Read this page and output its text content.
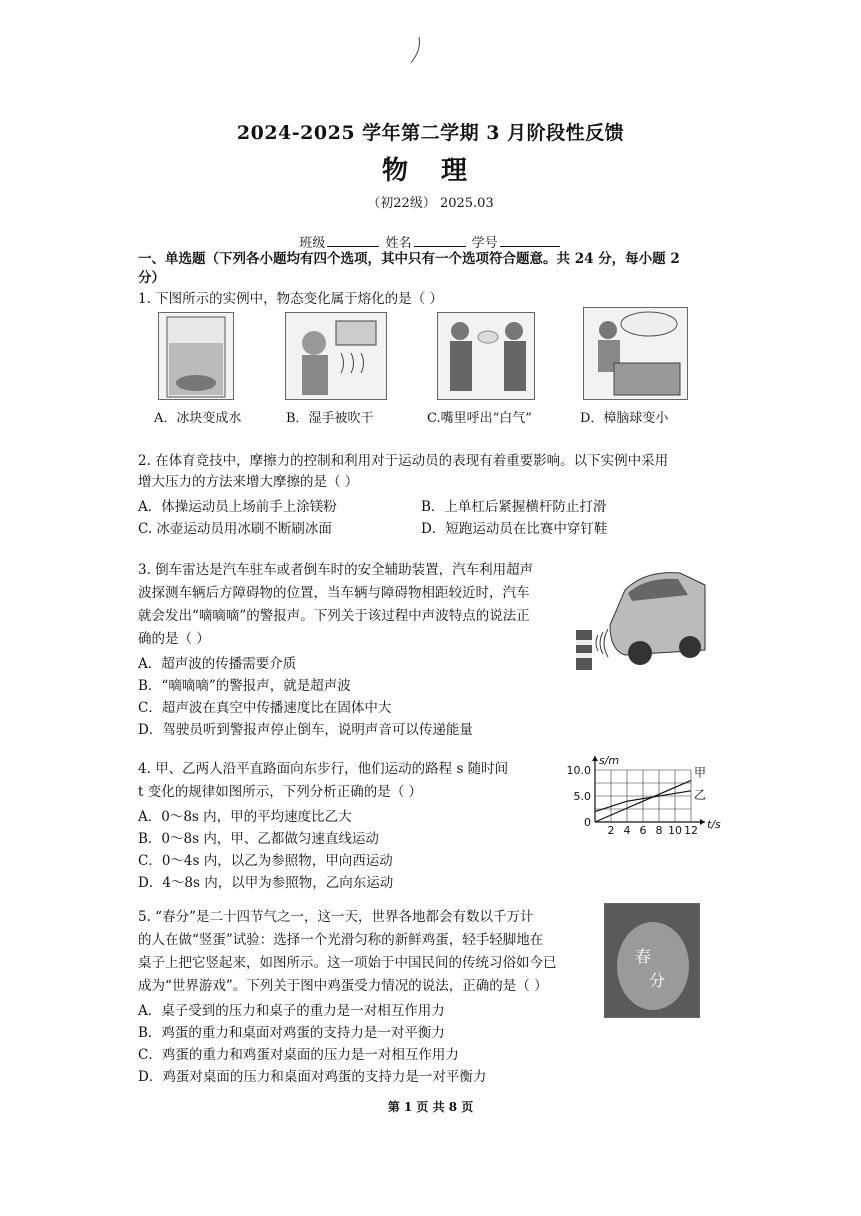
2024-2025 学年第二学期 3 月阶段性反馈
物 理
（初22级） 2025.03
班级	姓名	学号
一、单选题（下列各小题均有四个选项，其中只有一个选项符合题意。共 24 分，每小题 2
分）
1. 下图所示的实例中，物态变化属于熔化的是（ ）
A．冰块变成水	B．湿手被吹干	C.嘴里呼出“白气”	D．樟脑球变小
2. 在体育竞技中，摩擦力的控制和利用对于运动员的表现有着重要影响。以下实例中采用
增大压力的方法来增大摩擦的是（ ）
A．体操运动员上场前手上涂镁粉	B．上单杠后紧握横杆防止打滑
C. 冰壶运动员用冰刷不断刷冰面	D．短跑运动员在比赛中穿钉鞋
3. 倒车雷达是汽车驻车或者倒车时的安全辅助装置，汽车利用超声
波探测车辆后方障碍物的位置，当车辆与障碍物相距较近时，汽车
就会发出“嘀嘀嘀”的警报声。下列关于该过程中声波特点的说法正
确的是（ ）
A．超声波的传播需要介质
B．“嘀嘀嘀”的警报声，就是超声波
C．超声波在真空中传播速度比在固体中大
D．驾驶员听到警报声停止倒车，说明声音可以传递能量
4. 甲、乙两人沿平直路面向东步行，他们运动的路程 s 随时间
t 变化的规律如图所示，下列分析正确的是（ ）
A．0～8s 内，甲的平均速度比乙大
B．0～8s 内，甲、乙都做匀速直线运动
C．0～4s 内，以乙为参照物，甲向西运动
D．4～8s 内，以甲为参照物，乙向东运动
甲
乙
2 4 6 8 10 12
0
5.0
10.0
t/s
s/m
5. “春分”是二十四节气之一，这一天，世界各地都会有数以千万计
的人在做“竖蛋”试验：选择一个光滑匀称的新鲜鸡蛋，轻手轻脚地在
桌子上把它竖起来，如图所示。这一项始于中国民间的传统习俗如今已
成为“世界游戏”。下列关于图中鸡蛋受力情况的说法，正确的是（ ）
A．桌子受到的压力和桌子的重力是一对相互作用力
B．鸡蛋的重力和桌面对鸡蛋的支持力是一对平衡力
C．鸡蛋的重力和鸡蛋对桌面的压力是一对相互作用力
D．鸡蛋对桌面的压力和桌面对鸡蛋的支持力是一对平衡力
春
分
第 1 页 共 8 页
